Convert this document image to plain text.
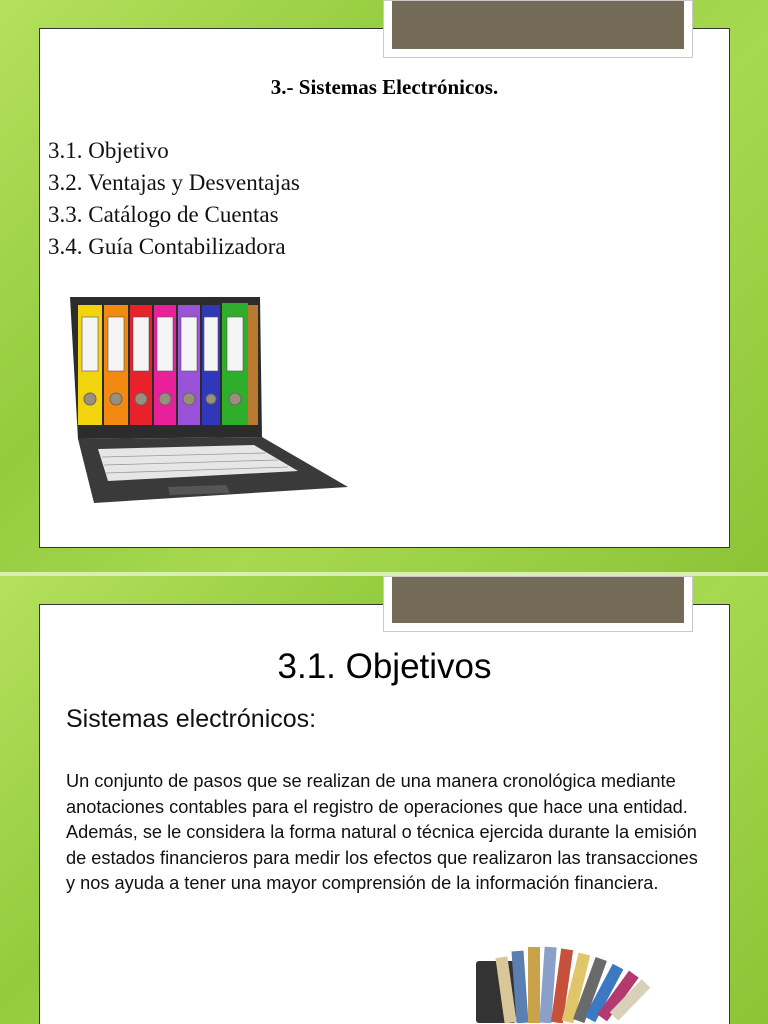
3.- Sistemas Electrónicos.
3.1. Objetivo
3.2. Ventajas y Desventajas
3.3. Catálogo de Cuentas
3.4. Guía Contabilizadora
3.1. Objetivos
Sistemas electrónicos:

Un conjunto de pasos que se realizan de una manera cronológica mediante anotaciones contables para el registro de operaciones que hace una entidad. Además, se le considera la forma natural o técnica ejercida durante la emisión de estados financieros para medir los efectos que realizaron las transacciones y nos ayuda a tener una mayor comprensión de la información financiera.
